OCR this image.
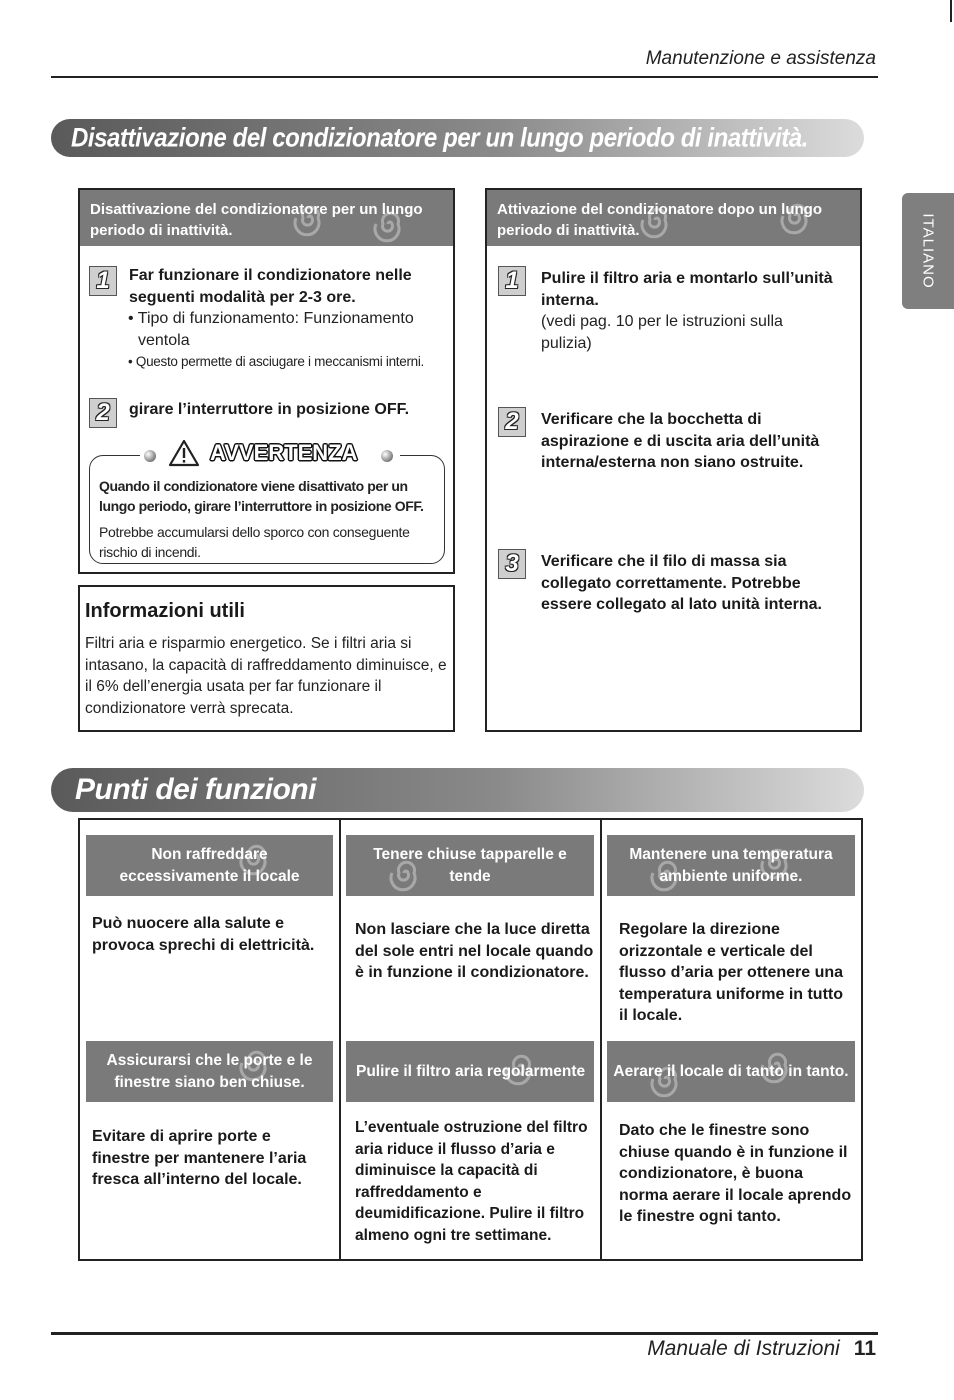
Manutenzione e assistenza
ITALIANO
Disattivazione del condizionatore per un lungo periodo di inattività.
Disattivazione del condizionatore per un lungo periodo di inattività.
1	Far funzionare il condizionatore nelle seguenti modalità per 2-3 ore.
• Tipo di funzionamento: Funzionamento ventola
• Questo permette di asciugare i meccanismi interni.
2	girare l’interruttore in posizione OFF.
AVVERTENZA
Quando il condizionatore viene disattivato per un lungo periodo, girare l’interruttore in posizione OFF.
Potrebbe accumularsi dello sporco con conseguente rischio di incendi.
Informazioni utili
Filtri aria e risparmio energetico. Se i filtri aria si intasano, la capacità di raffreddamento diminuisce, e il 6% dell’energia usata per far funzionare il condizionatore verrà sprecata.
Attivazione del condizionatore dopo un lungo periodo di inattività.
1	Pulire il filtro aria e montarlo sull’unità interna.
(vedi pag. 10 per le istruzioni sulla pulizia)
2	Verificare che la bocchetta di aspirazione e di uscita aria dell’unità interna/esterna non siano ostruite.
3	Verificare che il filo di massa sia collegato correttamente. Potrebbe essere collegato al lato unità interna.
Punti dei funzioni
Non raffreddare eccessivamente il locale
Tenere chiuse tapparelle e tende
Mantenere una temperatura ambiente uniforme.
Può nuocere alla salute e provoca sprechi di elettricità.
Non lasciare che la luce diretta del sole entri nel locale quando è in funzione il condizionatore.
Regolare la direzione orizzontale e verticale del flusso d’aria per ottenere una temperatura uniforme in tutto il locale.
Assicurarsi che le porte e le finestre siano ben chiuse.
Pulire il filtro aria regolarmente Aerare il locale di tanto in tanto.
Evitare di aprire porte e finestre per mantenere l’aria fresca all’interno del locale.
L’eventuale ostruzione del filtro aria riduce il flusso d’aria e diminuisce la capacità di raffreddamento e deumidificazione. Pulire il filtro almeno ogni tre settimane.
Dato che le finestre sono chiuse quando è in funzione il condizionatore, è buona norma aerare il locale aprendo le finestre ogni tanto.
Manuale di Istruzioni 11
